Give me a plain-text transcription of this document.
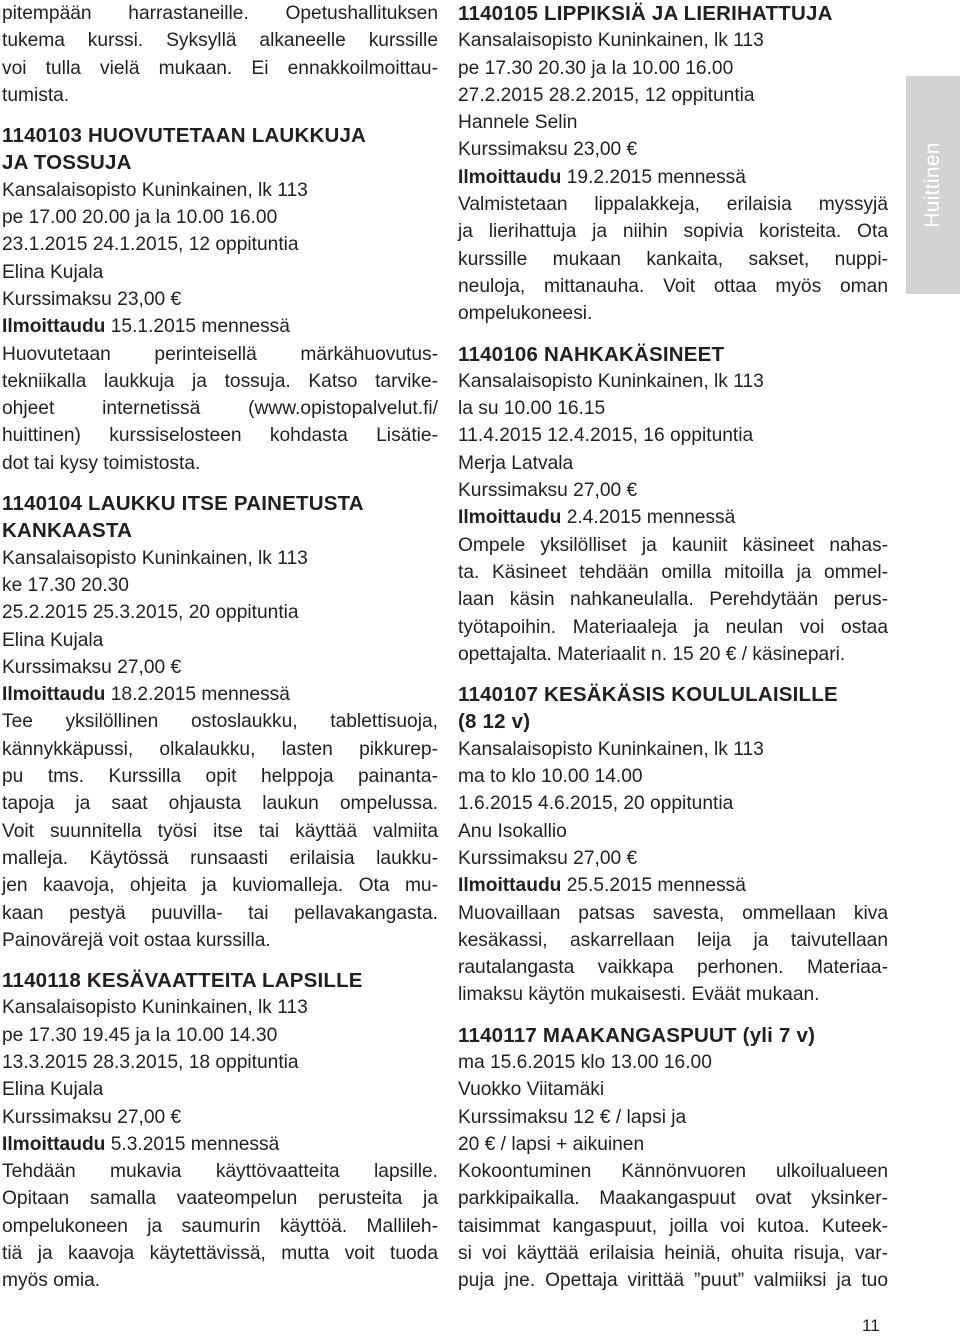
pitempään harrastaneille. Opetushallituksen
tukema kurssi. Syksyllä alkaneelle kurssille
voi tulla vielä mukaan. Ei ennakkoilmoittau-
tumista.
1140103 HUOVUTETAAN LAUKKUJA
JA TOSSUJA
Kansalaisopisto Kuninkainen, lk 113
pe 17.00 20.00 ja la 10.00 16.00
23.1.2015 24.1.2015, 12 oppituntia
Elina Kujala
Kurssimaksu 23,00 €
Ilmoittaudu 15.1.2015 mennessä
Huovutetaan perinteisellä märkähuovutus-
tekniikalla laukkuja ja tossuja. Katso tarvike-
ohjeet internetissä (www.opistopalvelut.fi/
huittinen) kurssiselosteen kohdasta Lisätie-
dot tai kysy toimistosta.
1140104 LAUKKU ITSE PAINETUSTA
KANKAASTA
Kansalaisopisto Kuninkainen, lk 113
ke 17.30 20.30
25.2.2015 25.3.2015, 20 oppituntia
Elina Kujala
Kurssimaksu 27,00 €
Ilmoittaudu 18.2.2015 mennessä
Tee yksilöllinen ostoslaukku, tablettisuoja,
kännykkäpussi, olkalaukku, lasten pikkurep-
pu tms. Kurssilla opit helppoja painanta-
tapoja ja saat ohjausta laukun ompelussa.
Voit suunnitella työsi itse tai käyttää valmiita
malleja. Käytössä runsaasti erilaisia laukku-
jen kaavoja, ohjeita ja kuviomalleja. Ota mu-
kaan pestyä puuvilla- tai pellavakangasta.
Painovärejä voit ostaa kurssilla.
1140118 KESÄVAATTEITA LAPSILLE
Kansalaisopisto Kuninkainen, lk 113
pe 17.30 19.45 ja la 10.00 14.30
13.3.2015 28.3.2015, 18 oppituntia
Elina Kujala
Kurssimaksu 27,00 €
Ilmoittaudu 5.3.2015 mennessä
Tehdään mukavia käyttövaatteita lapsille.
Opitaan samalla vaateompelun perusteita ja
ompelukoneen ja saumurin käyttöä. Mallileh-
tiä ja kaavoja käytettävissä, mutta voit tuoda
myös omia.
1140105 LIPPIKSIÄ JA LIERIHATTUJA
Kansalaisopisto Kuninkainen, lk 113
pe 17.30 20.30 ja la 10.00 16.00
27.2.2015 28.2.2015, 12 oppituntia
Hannele Selin
Kurssimaksu 23,00 €
Ilmoittaudu 19.2.2015 mennessä
Valmistetaan lippalakkeja, erilaisia myssyjä
ja lierihattuja ja niihin sopivia koristeita. Ota
kurssille mukaan kankaita, sakset, nuppi-
neuloja, mittanauha. Voit ottaa myös oman
ompelukoneesi.
1140106 NAHKAKÄSINEET
Kansalaisopisto Kuninkainen, lk 113
la su 10.00 16.15
11.4.2015 12.4.2015, 16 oppituntia
Merja Latvala
Kurssimaksu 27,00 €
Ilmoittaudu 2.4.2015 mennessä
Ompele yksilölliset ja kauniit käsineet nahas-
ta. Käsineet tehdään omilla mitoilla ja ommel-
laan käsin nahkaneulalla. Perehdytään perus-
työtapoihin. Materiaaleja ja neulan voi ostaa
opettajalta. Materiaalit n. 15 20 € / käsinepari.
1140107 KESÄKÄSIS KOULULAISILLE
(8 12 v)
Kansalaisopisto Kuninkainen, lk 113
ma to klo 10.00 14.00
1.6.2015 4.6.2015, 20 oppituntia
Anu Isokallio
Kurssimaksu 27,00 €
Ilmoittaudu 25.5.2015 mennessä
Muovaillaan patsas savesta, ommellaan kiva
kesäkassi, askarrellaan leija ja taivutellaan
rautalangasta vaikkapa perhonen. Materiaa-
limaksu käytön mukaisesti. Eväät mukaan.
1140117 MAAKANGASPUUT (yli 7 v)
ma 15.6.2015 klo 13.00 16.00
Vuokko Viitamäki
Kurssimaksu 12 € / lapsi ja
20 € / lapsi + aikuinen
Kokoontuminen Kännönvuoren ulkoilualueen
parkkipaikalla. Maakangaspuut ovat yksinker-
taisimmat kangaspuut, joilla voi kutoa. Kuteek-
si voi käyttää erilaisia heiniä, ohuita risuja, var-
puja jne. Opettaja virittää ”puut” valmiiksi ja tuo
Huittinen
11
